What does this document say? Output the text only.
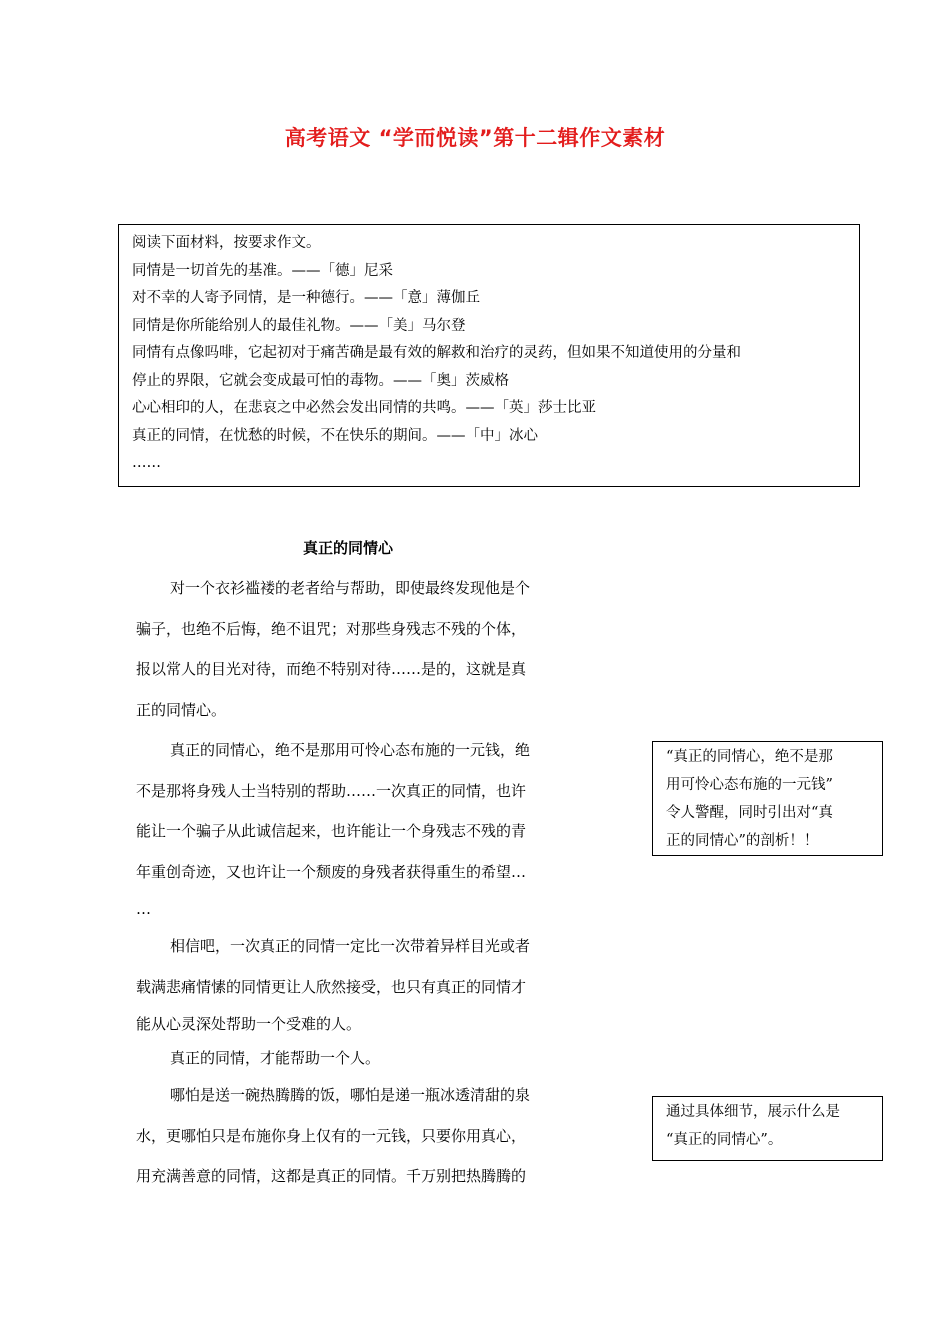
高考语文 “学而悦读”第十二辑作文素材
阅读下面材料，按要求作文。
同情是一切首先的基准。——「德」尼采
对不幸的人寄予同情，是一种德行。——「意」薄伽丘
同情是你所能给别人的最佳礼物。——「美」马尔登
同情有点像吗啡，它起初对于痛苦确是最有效的解救和治疗的灵药，但如果不知道使用的分量和
停止的界限，它就会变成最可怕的毒物。——「奥」茨威格
心心相印的人，在悲哀之中必然会发出同情的共鸣。——「英」莎士比亚
真正的同情，在忧愁的时候，不在快乐的期间。——「中」冰心
……
真正的同情心
对一个衣衫褴褛的老者给与帮助，即使最终发现他是个
骗子，也绝不后悔，绝不诅咒；对那些身残志不残的个体，
报以常人的目光对待，而绝不特别对待……是的，这就是真
正的同情心。
真正的同情心，绝不是那用可怜心态布施的一元钱，绝
不是那将身残人士当特别的帮助……一次真正的同情，也许
能让一个骗子从此诚信起来，也许能让一个身残志不残的青
年重创奇迹，又也许让一个颓废的身残者获得重生的希望…
…
相信吧，一次真正的同情一定比一次带着异样目光或者
载满悲痛情愫的同情更让人欣然接受，也只有真正的同情才
能从心灵深处帮助一个受难的人。
真正的同情，才能帮助一个人。
哪怕是送一碗热腾腾的饭，哪怕是递一瓶冰透清甜的泉
水，更哪怕只是布施你身上仅有的一元钱，只要你用真心，
用充满善意的同情，这都是真正的同情。千万别把热腾腾的
“真正的同情心，绝不是那
用可怜心态布施的一元钱”
令人警醒，同时引出对“真
正的同情心”的剖析！！
通过具体细节，展示什么是
“真正的同情心”。
